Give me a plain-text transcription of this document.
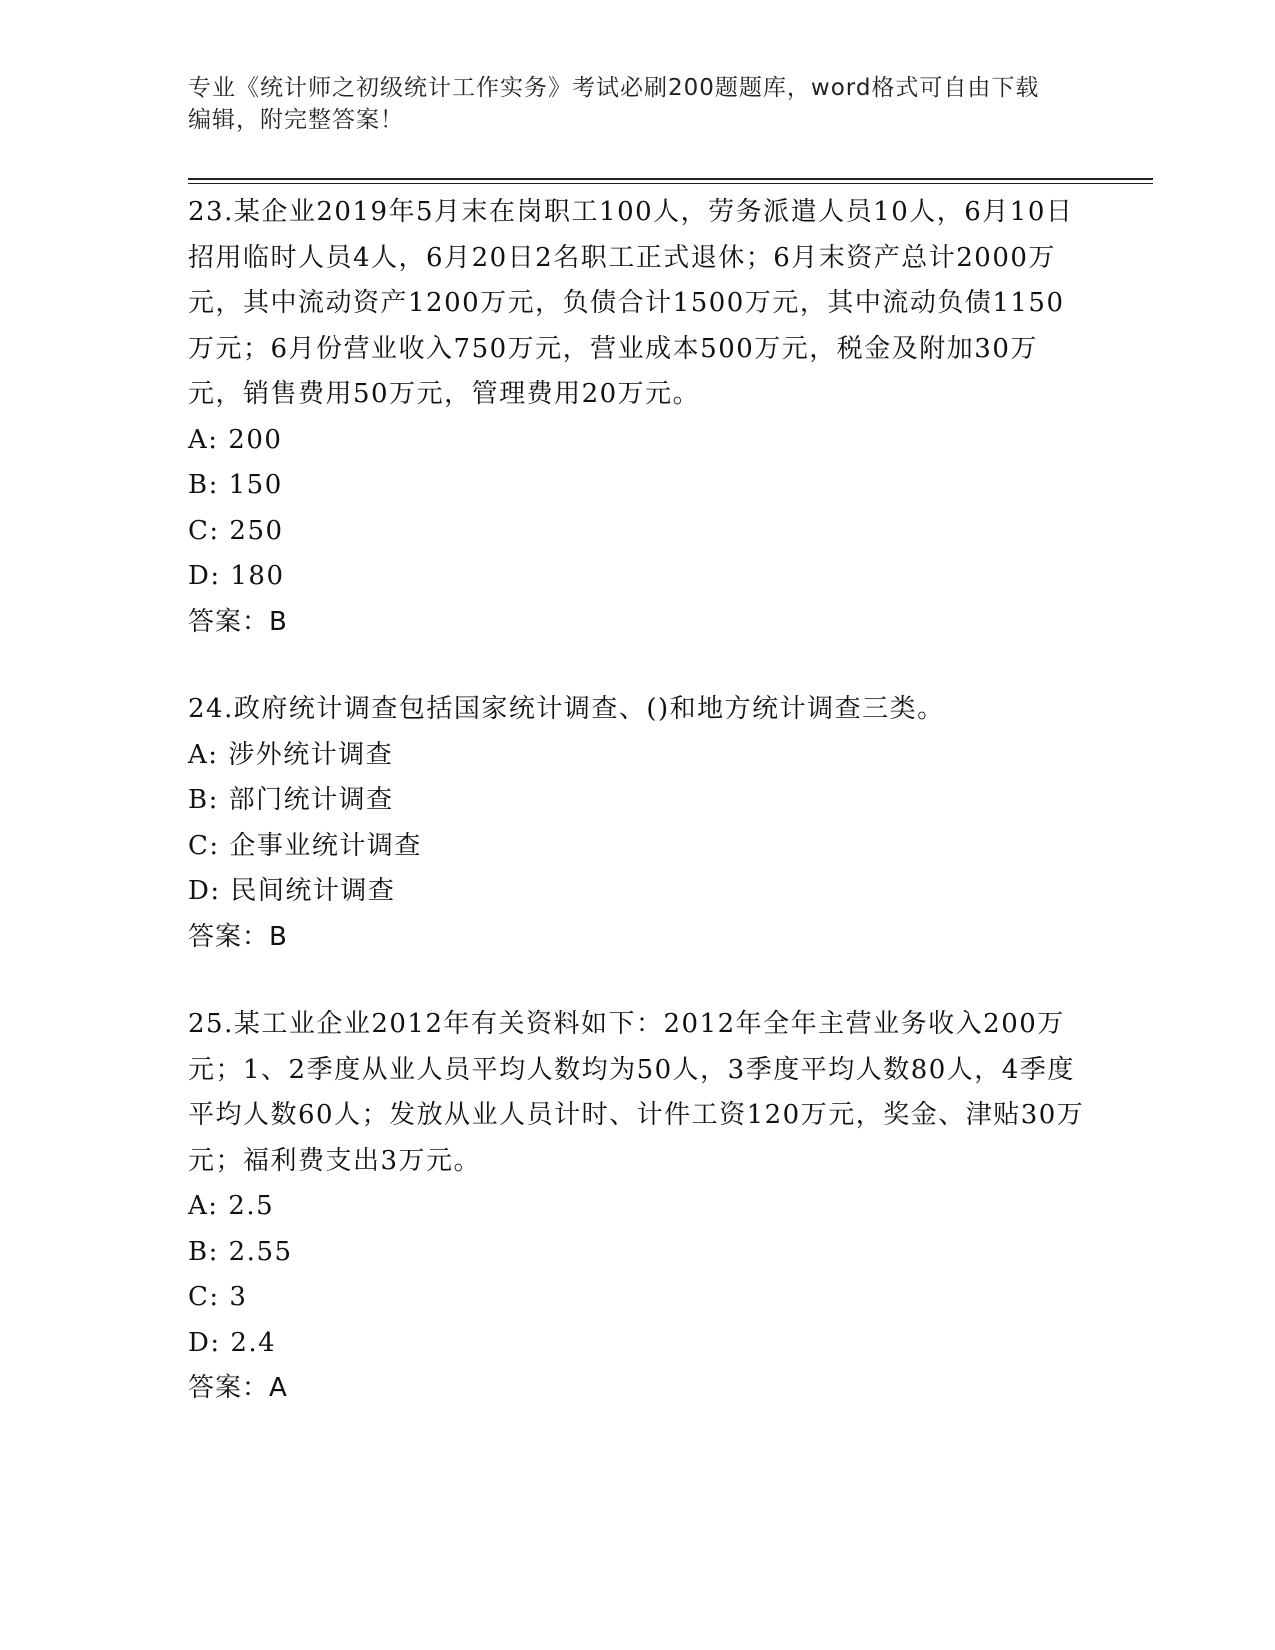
专业《统计师之初级统计工作实务》考试必刷200题题库，word格式可自由下载
编辑，附完整答案！

23.某企业2019年5月末在岗职工100人，劳务派遣人员10人，6月10日招用临时人员4人，6月20日2名职工正式退休；6月末资产总计2000万元，其中流动资产1200万元，负债合计1500万元，其中流动负债1150万元；6月份营业收入750万元，营业成本500万元，税金及附加30万元，销售费用50万元，管理费用20万元。

A: 200

B: 150

C: 250

D: 180

答案：B

24.政府统计调查包括国家统计调查、()和地方统计调查三类。

A: 涉外统计调查

B: 部门统计调查

C: 企事业统计调查

D: 民间统计调查

答案：B

25.某工业企业2012年有关资料如下：2012年全年主营业务收入200万元；1、2季度从业人员平均人数均为50人，3季度平均人数80人，4季度平均人数60人；发放从业人员计时、计件工资120万元，奖金、津贴30万元；福利费支出3万元。

A: 2.5

B: 2.55

C: 3

D: 2.4

答案：A
